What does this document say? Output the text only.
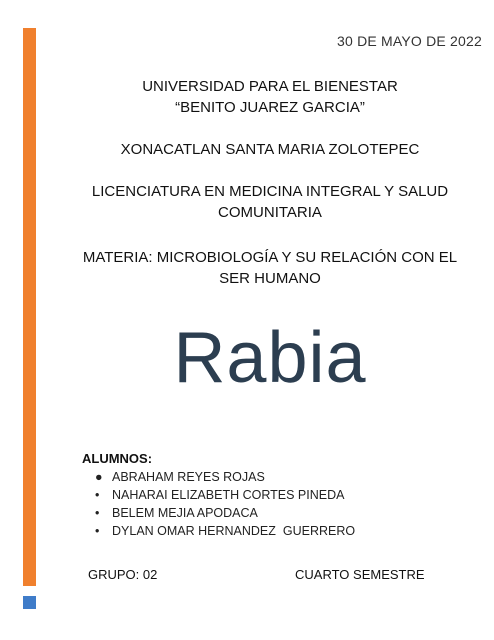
30 DE MAYO DE 2022
UNIVERSIDAD PARA EL BIENESTAR
“BENITO JUAREZ GARCIA”
XONACATLAN SANTA MARIA ZOLOTEPEC
LICENCIATURA EN MEDICINA INTEGRAL Y SALUD
COMUNITARIA
MATERIA: MICROBIOLOGÍA Y SU RELACIÓN CON EL
SER HUMANO
Rabia
ALUMNOS:
● ABRAHAM REYES ROJAS
• NAHARAI ELIZABETH CORTES PINEDA
• BELEM MEJIA APODACA
• DYLAN OMAR HERNANDEZ  GUERRERO
GRUPO: 02	CUARTO SEMESTRE
